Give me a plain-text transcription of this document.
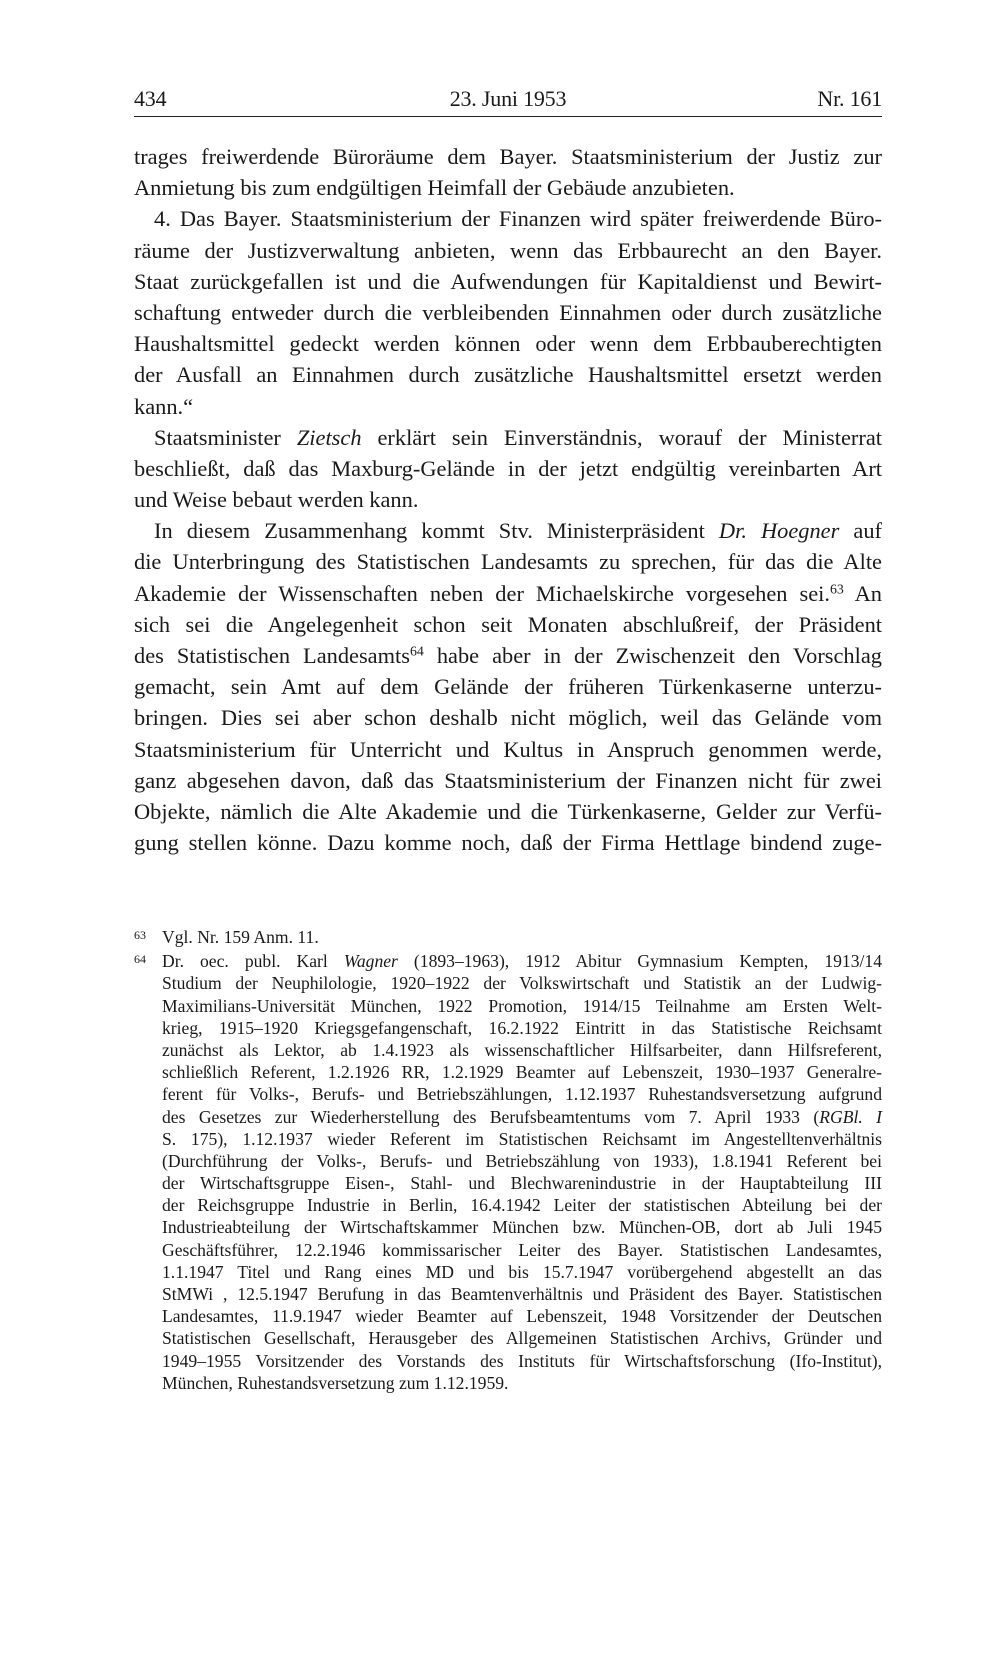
434	23. Juni 1953	Nr. 161
trages freiwerdende Büroräume dem Bayer. Staatsministerium der Justiz zur
Anmietung bis zum endgültigen Heimfall der Gebäude anzubieten.
4. Das Bayer. Staatsministerium der Finanzen wird später freiwerdende Büro-
räume der Justizverwaltung anbieten, wenn das Erbbaurecht an den Bayer.
Staat zurückgefallen ist und die Aufwendungen für Kapitaldienst und Bewirt-
schaftung entweder durch die verbleibenden Einnahmen oder durch zusätzliche
Haushaltsmittel gedeckt werden können oder wenn dem Erbbauberechtigten
der Ausfall an Einnahmen durch zusätzliche Haushaltsmittel ersetzt werden
kann.“
Staatsminister Zietsch erklärt sein Einverständnis, worauf der Ministerrat
beschließt, daß das Maxburg-Gelände in der jetzt endgültig vereinbarten Art
und Weise bebaut werden kann.
In diesem Zusammenhang kommt Stv. Ministerpräsident Dr. Hoegner auf
die Unterbringung des Statistischen Landesamts zu sprechen, für das die Alte
Akademie der Wissenschaften neben der Michaelskirche vorgesehen sei.$^{63}$ An
sich sei die Angelegenheit schon seit Monaten abschlußreif, der Präsident
des Statistischen Landesamts$^{64}$ habe aber in der Zwischenzeit den Vorschlag
gemacht, sein Amt auf dem Gelände der früheren Türkenkaserne unterzu-
bringen. Dies sei aber schon deshalb nicht möglich, weil das Gelände vom
Staatsministerium für Unterricht und Kultus in Anspruch genommen werde,
ganz abgesehen davon, daß das Staatsministerium der Finanzen nicht für zwei
Objekte, nämlich die Alte Akademie und die Türkenkaserne, Gelder zur Verfü-
gung stellen könne. Dazu komme noch, daß der Firma Hettlage bindend zuge-
63 Vgl. Nr. 159 Anm. 11.
64 Dr. oec. publ. Karl Wagner (1893–1963), 1912 Abitur Gymnasium Kempten, 1913/14
Studium der Neuphilologie, 1920–1922 der Volkswirtschaft und Statistik an der Ludwig-
Maximilians-Universität München, 1922 Promotion, 1914/15 Teilnahme am Ersten Welt-
krieg, 1915–1920 Kriegsgefangenschaft, 16.2.1922 Eintritt in das Statistische Reichsamt
zunächst als Lektor, ab 1.4.1923 als wissenschaftlicher Hilfsarbeiter, dann Hilfsreferent,
schließlich Referent, 1.2.1926 RR, 1.2.1929 Beamter auf Lebenszeit, 1930–1937 Generalre-
ferent für Volks-, Berufs- und Betriebszählungen, 1.12.1937 Ruhestandsversetzung aufgrund
des Gesetzes zur Wiederherstellung des Berufsbeamtentums vom 7. April 1933 (RGBl. I
S. 175), 1.12.1937 wieder Referent im Statistischen Reichsamt im Angestelltenverhältnis
(Durchführung der Volks-, Berufs- und Betriebszählung von 1933), 1.8.1941 Referent bei
der Wirtschaftsgruppe Eisen-, Stahl- und Blechwarenindustrie in der Hauptabteilung III
der Reichsgruppe Industrie in Berlin, 16.4.1942 Leiter der statistischen Abteilung bei der
Industrieabteilung der Wirtschaftskammer München bzw. München-OB, dort ab Juli 1945
Geschäftsführer, 12.2.1946 kommissarischer Leiter des Bayer. Statistischen Landesamtes,
1.1.1947 Titel und Rang eines MD und bis 15.7.1947 vorübergehend abgestellt an das
StMWi , 12.5.1947 Berufung in das Beamtenverhältnis und Präsident des Bayer. Statistischen
Landesamtes, 11.9.1947 wieder Beamter auf Lebenszeit, 1948 Vorsitzender der Deutschen
Statistischen Gesellschaft, Herausgeber des Allgemeinen Statistischen Archivs, Gründer und
1949–1955 Vorsitzender des Vorstands des Instituts für Wirtschaftsforschung (Ifo-Institut),
München, Ruhestandsversetzung zum 1.12.1959.
